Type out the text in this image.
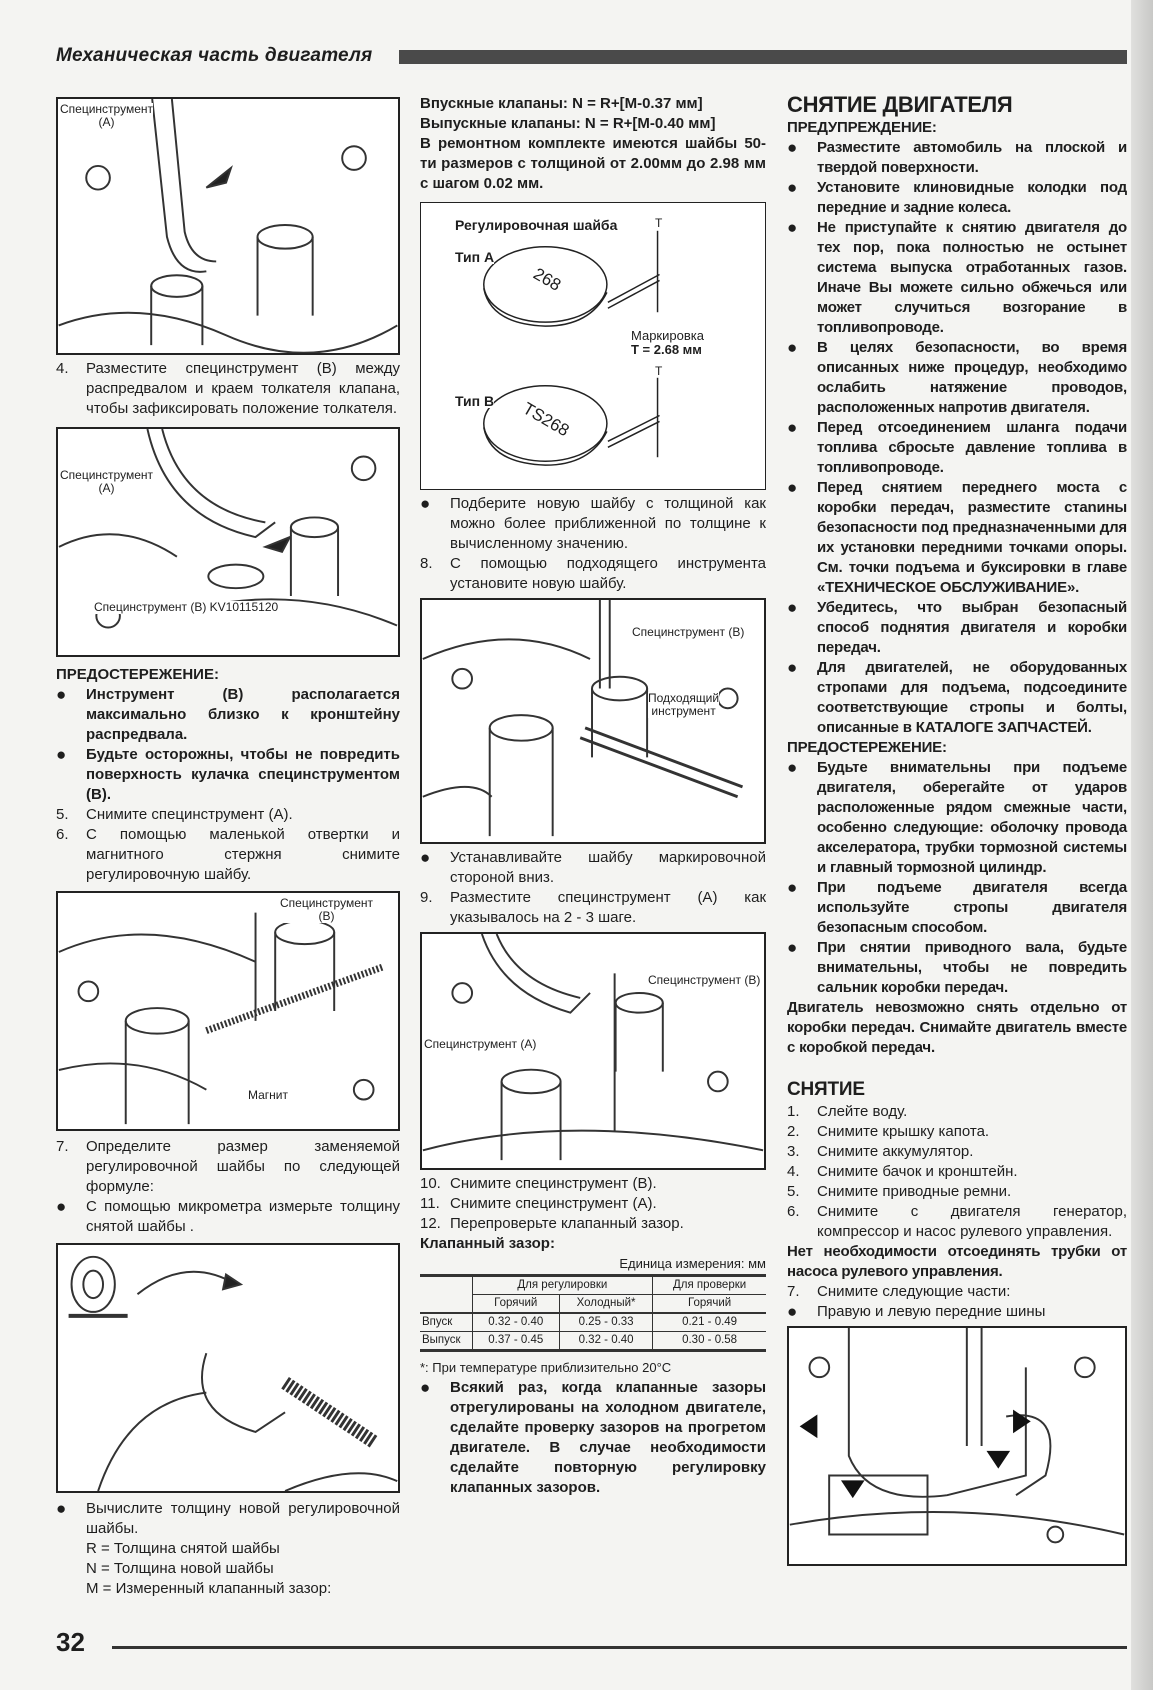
Механическая часть двигателя
Специнструмент
(A)
4.	Разместите специнструмент (B) между распредвалом и краем толкателя клапана, чтобы зафиксировать положение толкателя.
Специнструмент
(A)
Специнструмент (B) KV10115120
ПРЕДОСТЕРЕЖЕНИЕ:
●	Инструмент (B) располагается максимально близко к кронштейну распредвала.
●	Будьте осторожны, чтобы не повредить поверхность кулачка специнструментом (B).
5.	Снимите специнструмент (A).
6.	С помощью маленькой отвертки и магнитного стержня снимите регулировочную шайбу.
Специнструмент
(B)
Магнит
7.	Определите размер заменяемой регулировочной шайбы по следующей формуле:
●	С помощью микрометра измерьте толщину снятой шайбы .
●	Вычислите толщину новой регулировочной шайбы.
R = Толщина снятой шайбы
N = Толщина новой шайбы
M = Измеренный клапанный зазор:
Впускные клапаны: N = R+[M-0.37 мм]
Выпускные клапаны: N = R+[M-0.40 мм]

В ремонтном комплекте имеются шайбы 50-ти размеров с толщиной от 2.00мм до 2.98 мм с шагом 0.02 мм.

Регулировочная шайба
Тип A
Тип B
268
TS268
T
T
Маркировка
T = 2.68 мм
●	Подберите новую шайбу с толщиной как можно более приближенной по толщине к вычисленному значению.
8.	С помощью подходящего инструмента установите новую шайбу.
Специнструмент (B)
Подходящий
инструмент
●	Устанавливайте шайбу маркировочной стороной вниз.
9.	Разместите специнструмент (A) как указывалось на 2 - 3 шаге.
Специнструмент (B)
Специнструмент (A)
10. Снимите специнструмент (B).
11. Снимите специнструмент (A).
12. Перепроверьте клапанный зазор.
Клапанный зазор:
Единица измерения: мм
	Для регулировки		Для проверки
	Горячий	Холодный*	Горячий
Впуск	0.32 - 0.40	0.25 - 0.33	0.21 - 0.49
Выпуск	0.37 - 0.45	0.32 - 0.40	0.30 - 0.58
*: При температуре приблизительно 20°C
●	Всякий раз, когда клапанные зазоры отрегулированы на холодном двигателе, сделайте проверку зазоров на прогретом двигателе. В случае необходимости сделайте повторную регулировку клапанных зазоров.
СНЯТИЕ ДВИГАТЕЛЯ
ПРЕДУПРЕЖДЕНИЕ:
●	Разместите автомобиль на плоской и твердой поверхности.
●	Установите клиновидные колодки под передние и задние колеса.
●	Не приступайте к снятию двигателя до тех пор, пока полностью не остынет система выпуска отработанных газов. Иначе Вы можете сильно обжечься или может случиться возгорание в топливопроводе.
●	В целях безопасности, во время описанных ниже процедур, необходимо ослабить натяжение проводов, расположенных напротив двигателя.
●	Перед отсоединением шланга подачи топлива сбросьте давление топлива в топливопроводе.
●	Перед снятием переднего моста с коробки передач, разместите стanины безопасности под предназначенными для их установки передними точками опоры. См. точки подъема и буксировки в главе «ТЕХНИЧЕСКОЕ ОБСЛУЖИВАНИЕ».
●	Убедитесь, что выбран безопасный способ поднятия двигателя и коробки передач.
●	Для двигателей, не оборудованных стропами для подъема, подсоедините соответствующие стропы и болты, описанные в КАТАЛОГЕ ЗАПЧАСТЕЙ.
ПРЕДОСТЕРЕЖЕНИЕ:
●	Будьте внимательны при подъеме двигателя, оберегайте от ударов расположенные рядом смежные части, особенно следующие: оболочку провода акселератора, трубки тормозной системы и главный тормозной цилиндр.
●	При подъеме двигателя всегда используйте стропы двигателя безопасным способом.
●	При снятии приводного вала, будьте внимательны, чтобы не повредить сальник коробки передач.

Двигатель невозможно снять отдельно от коробки передач. Снимайте двигатель вместе с коробкой передач.

СНЯТИЕ
1.	Слейте воду.
2.	Снимите крышку капота.
3.	Снимите аккумулятор.
4.	Снимите бачок и кронштейн.
5.	Снимите приводные ремни.
6.	Снимите с двигателя генератор, компрессор и насос рулевого управления.

Нет необходимости отсоединять трубки от насоса рулевого управления.

7.	Снимите следующие части:
●	Правую и левую передние шины
32
